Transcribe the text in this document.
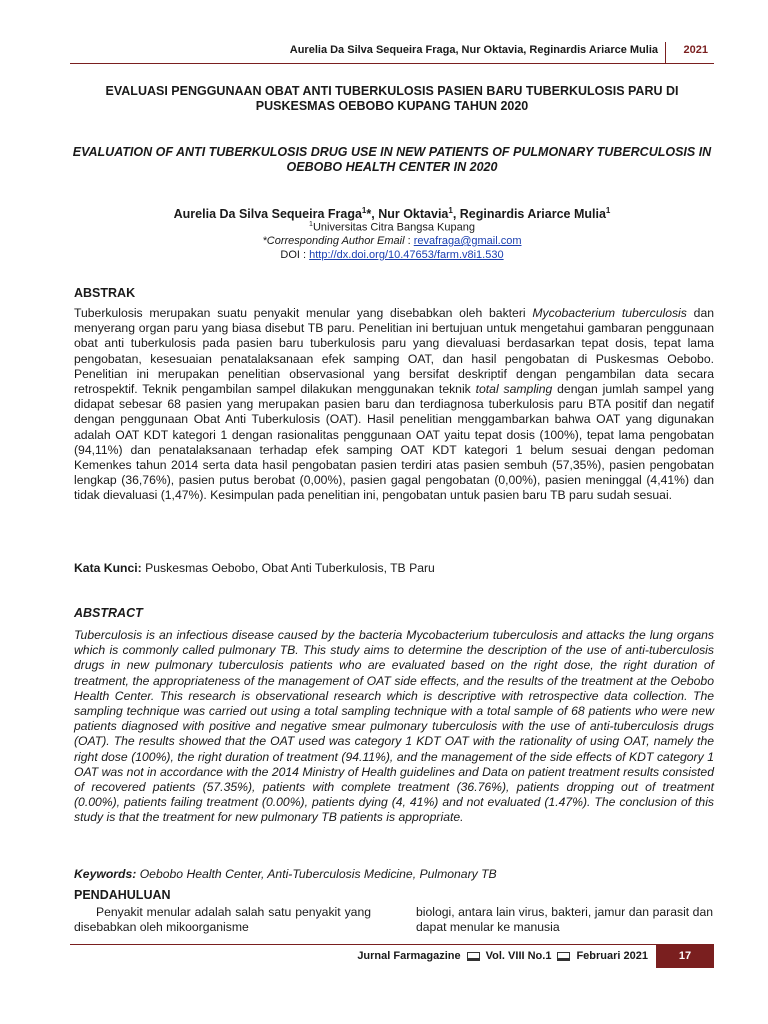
Aurelia Da Silva Sequeira Fraga, Nur Oktavia, Reginardis Ariarce Mulia 2021
EVALUASI PENGGUNAAN OBAT ANTI TUBERKULOSIS PASIEN BARU TUBERKULOSIS PARU DI PUSKESMAS OEBOBO KUPANG TAHUN 2020
EVALUATION OF ANTI TUBERKULOSIS DRUG USE IN NEW PATIENTS OF PULMONARY TUBERCULOSIS IN OEBOBO HEALTH CENTER IN 2020
Aurelia Da Silva Sequeira Fraga$^1$*, Nur Oktavia$^1$, Reginardis Ariarce Mulia$^1$
$^1$Universitas Citra Bangsa Kupang
*Corresponding Author Email : revafraga@gmail.com
DOI : http://dx.doi.org/10.47653/farm.v8i1.530
ABSTRAK
Tuberkulosis merupakan suatu penyakit menular yang disebabkan oleh bakteri Mycobacterium tuberculosis dan menyerang organ paru yang biasa disebut TB paru. Penelitian ini bertujuan untuk mengetahui gambaran penggunaan obat anti tuberkulosis pada pasien baru tuberkulosis paru yang dievaluasi berdasarkan tepat dosis, tepat lama pengobatan, kesesuaian penatalaksanaan efek samping OAT, dan hasil pengobatan di Puskesmas Oebobo. Penelitian ini merupakan penelitian observasional yang bersifat deskriptif dengan pengambilan data secara retrospektif. Teknik pengambilan sampel dilakukan menggunakan teknik total sampling dengan jumlah sampel yang didapat sebesar 68 pasien yang merupakan pasien baru dan terdiagnosa tuberkulosis paru BTA positif dan negatif dengan penggunaan Obat Anti Tuberkulosis (OAT). Hasil penelitian menggambarkan bahwa OAT yang digunakan adalah OAT KDT kategori 1 dengan rasionalitas penggunaan OAT yaitu tepat dosis (100%), tepat lama pengobatan (94,11%) dan penatalaksanaan terhadap efek samping OAT KDT kategori 1 belum sesuai dengan pedoman Kemenkes tahun 2014 serta data hasil pengobatan pasien terdiri atas pasien sembuh (57,35%), pasien pengobatan lengkap (36,76%), pasien putus berobat (0,00%), pasien gagal pengobatan (0,00%), pasien meninggal (4,41%) dan tidak dievaluasi (1,47%). Kesimpulan pada penelitian ini, pengobatan untuk pasien baru TB paru sudah sesuai.
Kata Kunci: Puskesmas Oebobo, Obat Anti Tuberkulosis, TB Paru
ABSTRACT
Tuberculosis is an infectious disease caused by the bacteria Mycobacterium tuberculosis and attacks the lung organs which is commonly called pulmonary TB. This study aims to determine the description of the use of anti-tuberculosis drugs in new pulmonary tuberculosis patients who are evaluated based on the right dose, the right duration of treatment, the appropriateness of the management of OAT side effects, and the results of the treatment at the Oebobo Health Center. This research is observational research which is descriptive with retrospective data collection. The sampling technique was carried out using a total sampling technique with a total sample of 68 patients who were new patients diagnosed with positive and negative smear pulmonary tuberculosis with the use of anti-tuberculosis drugs (OAT). The results showed that the OAT used was category 1 KDT OAT with the rationality of using OAT, namely the right dose (100%), the right duration of treatment (94.11%), and the management of the side effects of KDT category 1 OAT was not in accordance with the 2014 Ministry of Health guidelines and Data on patient treatment results consisted of recovered patients (57.35%), patients with complete treatment (36.76%), patients dropping out of treatment (0.00%), patients failing treatment (0.00%), patients dying (4, 41%) and not evaluated (1.47%). The conclusion of this study is that the treatment for new pulmonary TB patients is appropriate.
Keywords: Oebobo Health Center, Anti-Tuberculosis Medicine, Pulmonary TB
PENDAHULUAN
Penyakit menular adalah salah satu penyakit yang disebabkan oleh mikoorganisme
biologi, antara lain virus, bakteri, jamur dan parasit dan dapat menular ke manusia
Jurnal Farmagazine Vol. VIII No.1 Februari 2021	17
